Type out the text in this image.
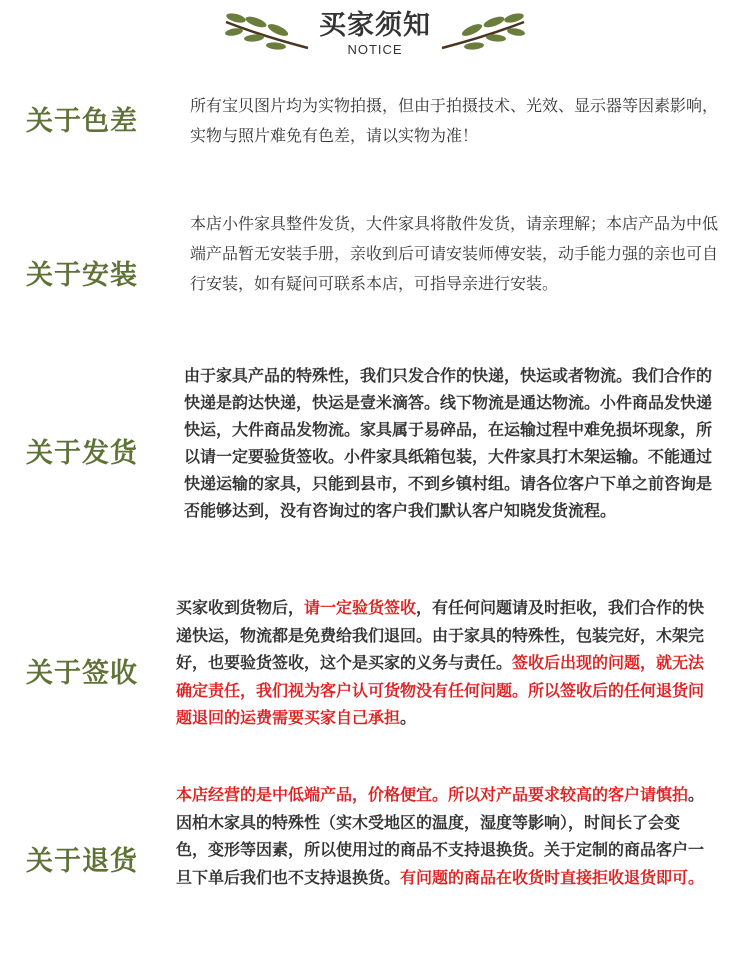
买家须知
NOTICE
关于色差
所有宝贝图片均为实物拍摄，但由于拍摄技术、光效、显示器等因素影响，实物与照片难免有色差，请以实物为准！
关于安装
本店小件家具整件发货，大件家具将散件发货，请亲理解；本店产品为中低端产品暂无安装手册，亲收到后可请安装师傅安装，动手能力强的亲也可自行安装，如有疑问可联系本店，可指导亲进行安装。
关于发货
由于家具产品的特殊性，我们只发合作的快递，快运或者物流。我们合作的快递是韵达快递，快运是壹米滴答。线下物流是通达物流。小件商品发快递快运，大件商品发物流。家具属于易碎品，在运输过程中难免损坏现象，所以请一定要验货签收。小件家具纸箱包装，大件家具打木架运输。不能通过快递运输的家具，只能到县市，不到乡镇村组。请各位客户下单之前咨询是否能够达到，没有咨询过的客户我们默认客户知晓发货流程。
关于签收
买家收到货物后，请一定验货签收，有任何问题请及时拒收，我们合作的快递快运，物流都是免费给我们退回。由于家具的特殊性，包装完好，木架完好，也要验货签收，这个是买家的义务与责任。签收后出现的问题，就无法确定责任，我们视为客户认可货物没有任何问题。所以签收后的任何退货问题退回的运费需要买家自己承担。
关于退货
本店经营的是中低端产品，价格便宜。所以对产品要求较高的客户请慎拍。因柏木家具的特殊性（实木受地区的温度，湿度等影响），时间长了会变色，变形等因素，所以使用过的商品不支持退换货。关于定制的商品客户一旦下单后我们也不支持退换货。有问题的商品在收货时直接拒收退货即可。
